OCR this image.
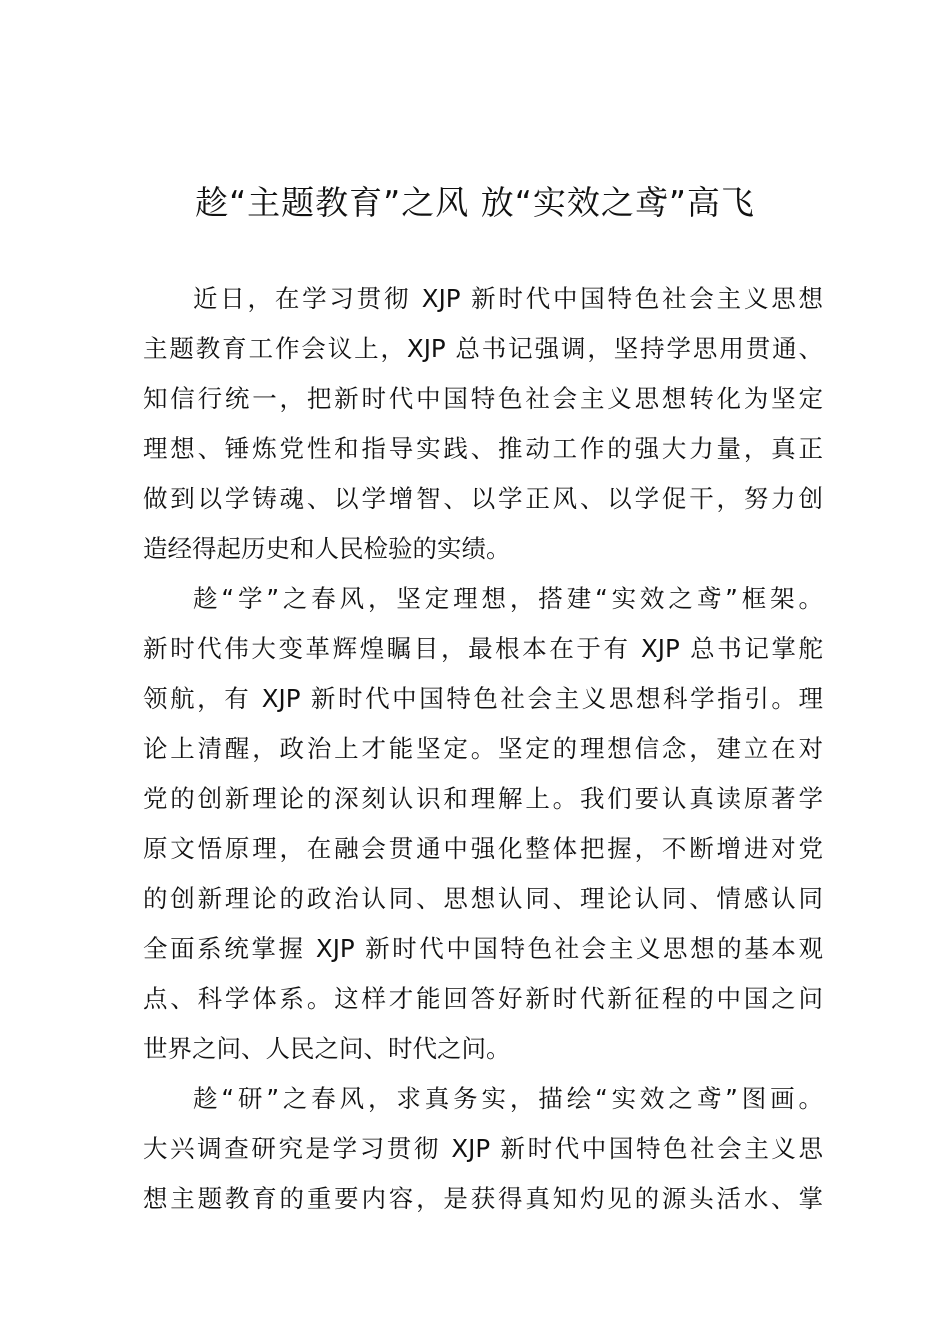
趁“主题教育”之风 放“实效之鸢”高飞
近日，在学习贯彻 XJP 新时代中国特色社会主义思想
主题教育工作会议上，XJP 总书记强调，坚持学思用贯通、
知信行统一，把新时代中国特色社会主义思想转化为坚定
理想、锤炼党性和指导实践、推动工作的强大力量，真正
做到以学铸魂、以学增智、以学正风、以学促干，努力创
造经得起历史和人民检验的实绩。
趁“学”之春风，坚定理想，搭建“实效之鸢”框架。
新时代伟大变革辉煌瞩目，最根本在于有 XJP 总书记掌舵
领航，有 XJP 新时代中国特色社会主义思想科学指引。理
论上清醒，政治上才能坚定。坚定的理想信念，建立在对
党的创新理论的深刻认识和理解上。我们要认真读原著学
原文悟原理，在融会贯通中强化整体把握，不断增进对党
的创新理论的政治认同、思想认同、理论认同、情感认同
全面系统掌握 XJP 新时代中国特色社会主义思想的基本观
点、科学体系。这样才能回答好新时代新征程的中国之问
世界之问、人民之问、时代之问。
趁“研”之春风，求真务实，描绘“实效之鸢”图画。
大兴调查研究是学习贯彻 XJP 新时代中国特色社会主义思
想主题教育的重要内容，是获得真知灼见的源头活水、掌
